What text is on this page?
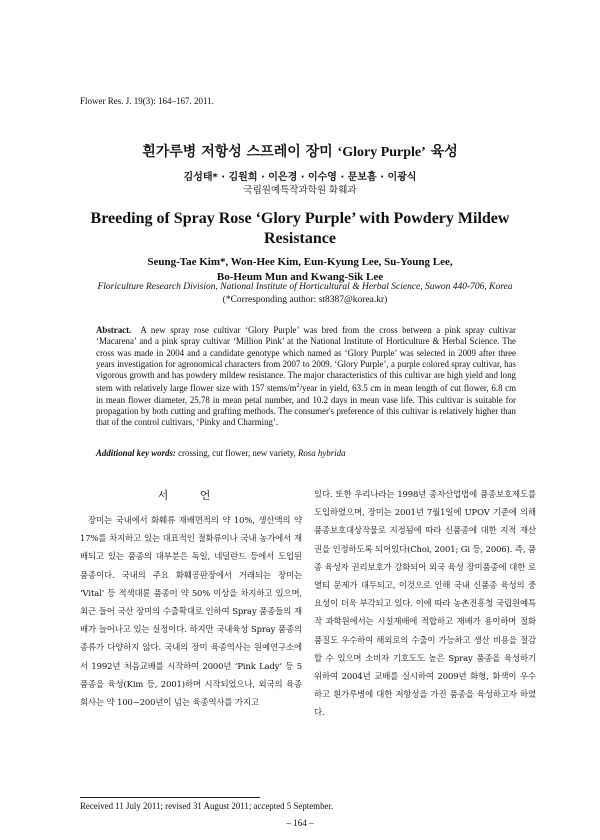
Flower Res. J. 19(3): 164–167. 2011.
흰가루병 저항성 스프레이 장미 ‘Glory Purple’ 육성
김성태* · 김원희 · 이은경 · 이수영 · 문보흠 · 이광식
국립원예특작과학원 화훼과
Breeding of Spray Rose ‘Glory Purple’ with Powdery Mildew Resistance
Seung-Tae Kim*, Won-Hee Kim, Eun-Kyung Lee, Su-Young Lee,
Bo-Heum Mun and Kwang-Sik Lee
Floriculture Research Division, National Institute of Horticultural & Herbal Science, Suwon 440-706, Korea
(*Corresponding author: st8387@korea.kr)
Abstract. A new spray rose cultivar ‘Glory Purple’ was bred from the cross between a pink spray cultivar ‘Macarena’ and a pink spray cultivar ‘Million Pink’ at the National Institute of Horticulture & Herbal Science. The cross was made in 2004 and a candidate genotype which named as ‘Glory Purple’ was selected in 2009 after three years investigation for agronomical characters from 2007 to 2009. ‘Glory Purple’, a purple colored spray cultivar, has vigorous growth and has powdery mildew resistance. The major characteristics of this cultivar are high yield and long stem with relatively large flower size with 157 stems/$m^2$/year in yield, 63.5 cm in mean length of cut flower, 6.8 cm in mean flower diameter, 25.78 in mean petal number, and 10.2 days in mean vase life. This cultivar is suitable for propagation by both cutting and grafting methods. The consumer's preference of this cultivar is relatively higher than that of the control cultivars, ‘Pinky and Charming’.
Additional key words: crossing, cut flower, new variety, Rosa hybrida
서 언

장미는 국내에서 화훼류 재배면적의 약 10%, 생산액의 약 17%를 차지하고 있는 대표적인 절화류이나 국내 농가에서 재배되고 있는 품종의 대부분은 독일, 네덜란드 등에서 도입된 품종이다. 국내의 주요 화훼공판장에서 거래되는 장미는 ‘Vital’ 등 적색대륜 품종이 약 50% 이상을 차지하고 있으며, 최근 들어 국산 장미의 수출확대로 인하여 Spray 품종들의 재배가 늘어나고 있는 실정이다. 하지만 국내육성 Spray 품종의 종류가 다양하지 않다. 국내의 장미 육종역사는 원예연구소에서 1992년 처음교배를 시작하여 2000년 ‘Pink Lady’ 등 5품종을 육성(Kim 등, 2001)하며 시작되었으나, 외국의 육종회사는 약 100~200년이 넘는 육종역사를 가지고

있다. 또한 우리나라는 1998년 종자산업법에 품종보호제도를 도입하였으며, 장미는 2001년 7월1일에 UPOV 기준에 의해 품종보호대상작물로 지정됨에 따라 신품종에 대한 지적 재산권을 인정하도록 되어있다(Choi, 2001; Gi 등, 2006). 즉, 품종 육성자 권리보호가 강화되어 외국 육성 장미품종에 대한 로열티 문제가 대두되고, 이것으로 인해 국내 신품종 육성의 중요성이 더욱 부각되고 있다. 이에 따라 농촌진흥청 국립원예특작 과학원에서는 시설재배에 적합하고 재배가 용이하며 절화품질도 우수하여 해외로의 수출이 가능하고 생산 비용을 절감할 수 있으며 소비자 기호도도 높은 Spray 품종을 육성하기 위하여 2004년 교배를 실시하여 2009년 화형, 화색이 우수하고 흰가루병에 대한 저항성을 가진 품종을 육성하고자 하였다.

Received 11 July 2011; revised 31 August 2011; accepted 5 September.
– 164 –
